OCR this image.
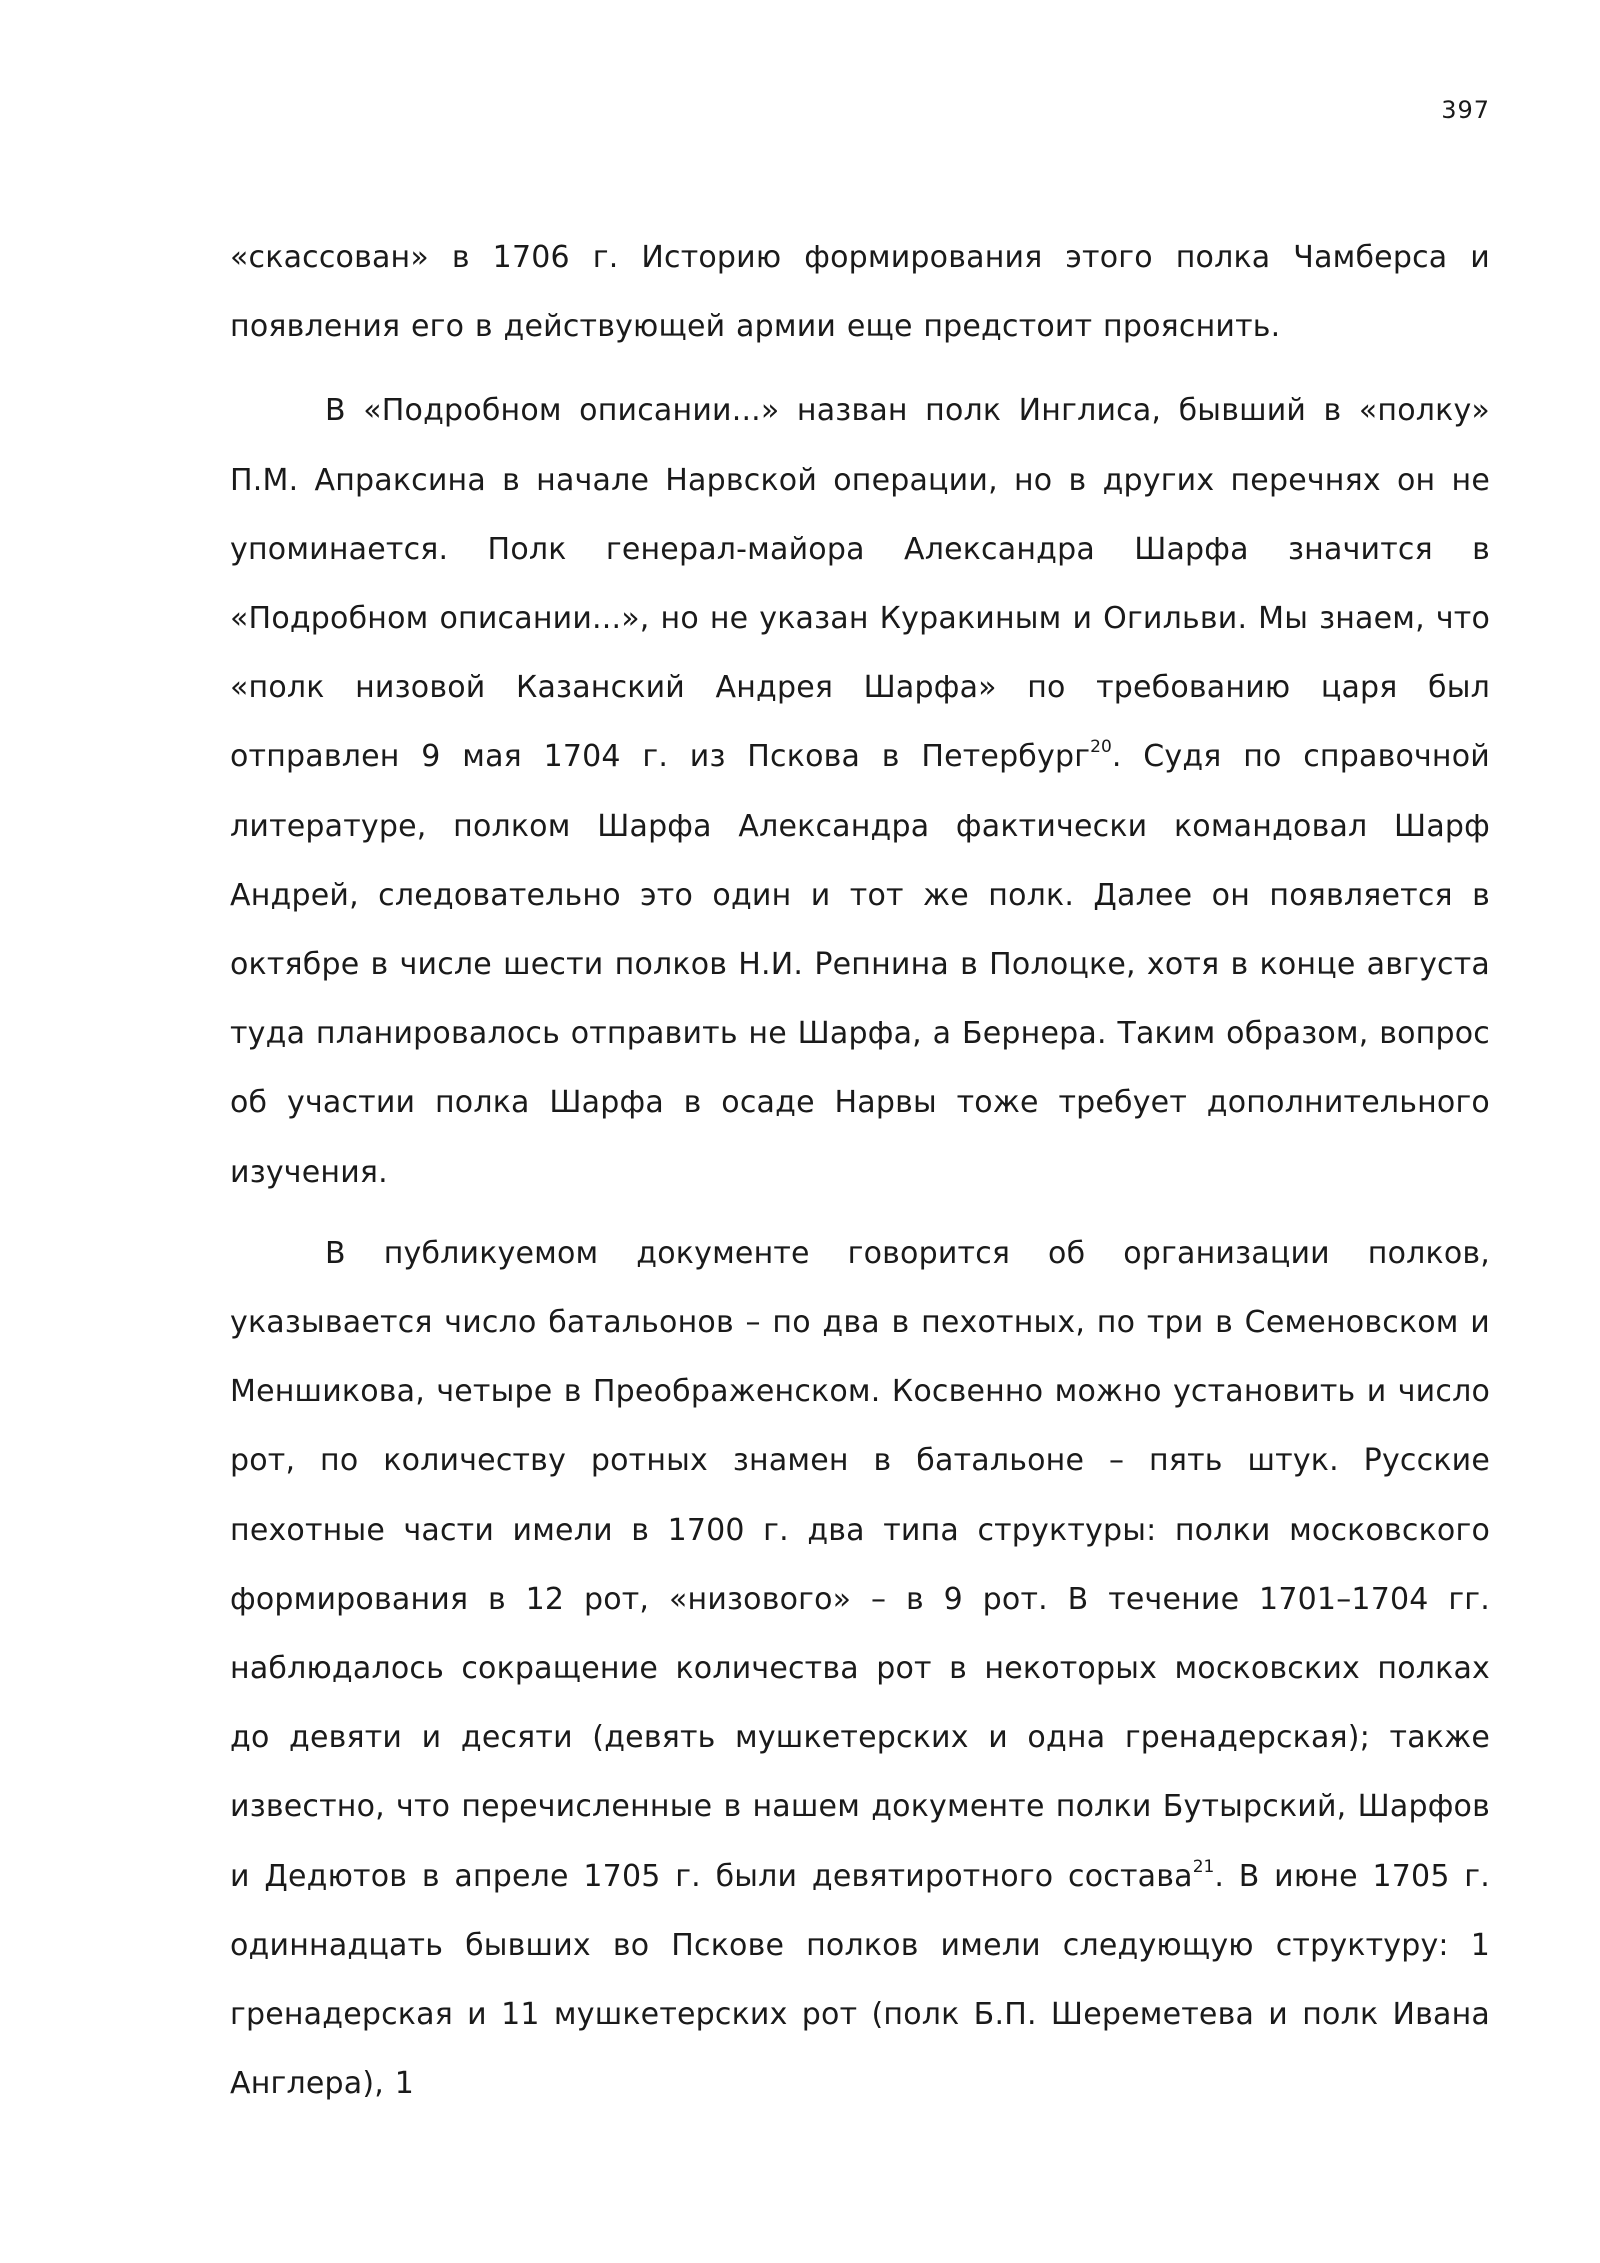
397

«скассован» в 1706 г. Историю формирования этого полка Чамберса и появления его в действующей армии еще предстоит прояснить.

В «Подробном описании...» назван полк Инглиса, бывший в «полку» П.М. Апраксина в начале Нарвской операции, но в других перечнях он не упоминается. Полк генерал-майора Александра Шарфа значится в «Подробном описании...», но не указан Куракиным и Огильви. Мы знаем, что «полк низовой Казанский Андрея Шарфа» по требованию царя был отправлен 9 мая 1704 г. из Пскова в Петербург$^{20}$. Судя по справочной литературе, полком Шарфа Александра фактически командовал Шарф Андрей, следовательно это один и тот же полк. Далее он появляется в октябре в числе шести полков Н.И. Репнина в Полоцке, хотя в конце августа туда планировалось отправить не Шарфа, а Бернера. Таким образом, вопрос об участии полка Шарфа в осаде Нарвы тоже требует дополнительного изучения.

В публикуемом документе говорится об организации полков, указывается число батальонов – по два в пехотных, по три в Семеновском и Меншикова, четыре в Преображенском. Косвенно можно установить и число рот, по количеству ротных знамен в батальоне – пять штук. Русские пехотные части имели в 1700 г. два типа структуры: полки московского формирования в 12 рот, «низового» – в 9 рот. В течение 1701–1704 гг. наблюдалось сокращение количества рот в некоторых московских полках до девяти и десяти (девять мушкетерских и одна гренадерская); также известно, что перечисленные в нашем документе полки Бутырский, Шарфов и Дедютов в апреле 1705 г. были девятиротного состава$^{21}$. В июне 1705 г. одиннадцать бывших во Пскове полков имели следующую структуру: 1 гренадерская и 11 мушкетерских рот (полк Б.П. Шереметева и полк Ивана Англера), 1
